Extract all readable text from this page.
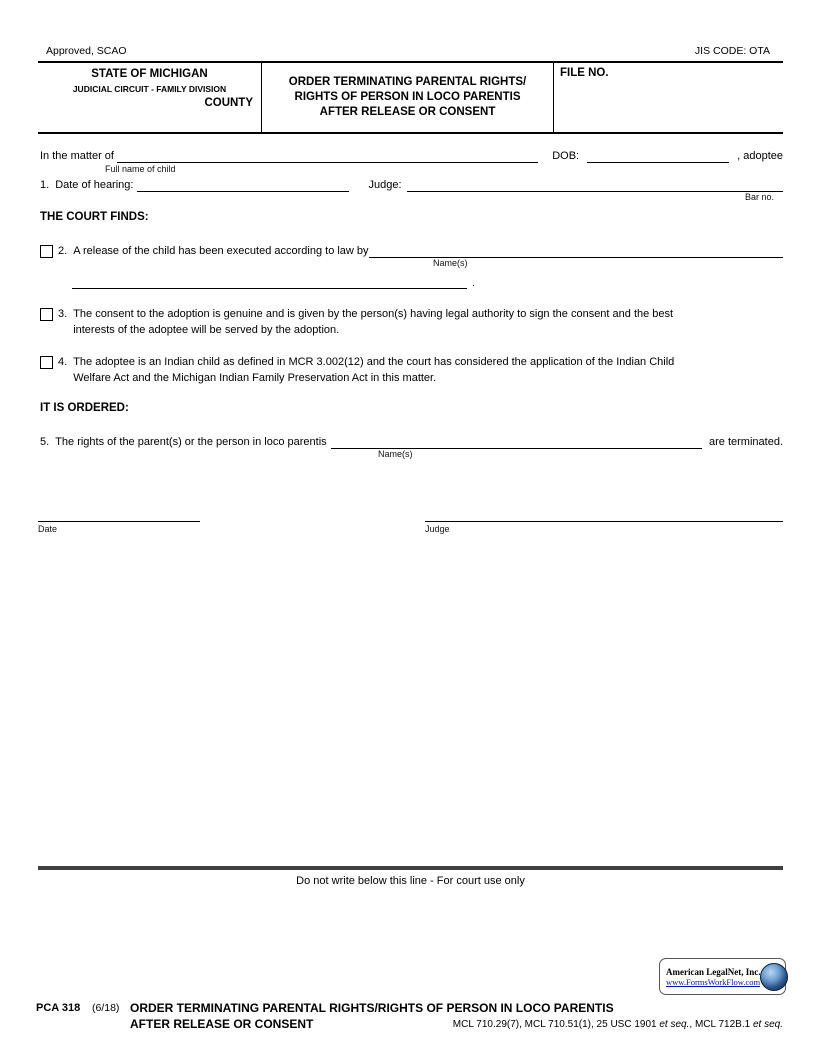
Approved, SCAO	JIS CODE: OTA
STATE OF MICHIGAN
JUDICIAL CIRCUIT - FAMILY DIVISION
COUNTY
ORDER TERMINATING PARENTAL RIGHTS/
RIGHTS OF PERSON IN LOCO PARENTIS
AFTER RELEASE OR CONSENT
FILE NO.
In the matter of	DOB:	, adoptee
Full name of child
1. Date of hearing:	Judge:
Bar no.
THE COURT FINDS:
2. A release of the child has been executed according to law by
Name(s)
.
3. The consent to the adoption is genuine and is given by the person(s) having legal authority to sign the consent and the best
interests of the adoptee will be served by the adoption.
4. The adoptee is an Indian child as defined in MCR 3.002(12) and the court has considered the application of the Indian Child
Welfare Act and the Michigan Indian Family Preservation Act in this matter.
IT IS ORDERED:
5. The rights of the parent(s) or the person in loco parentis	are terminated.
Name(s)
Date	Judge
Do not write below this line - For court use only
American LegalNet, Inc.
www.FormsWorkFlow.com
PCA 318 (6/18) ORDER TERMINATING PARENTAL RIGHTS/RIGHTS OF PERSON IN LOCO PARENTIS
AFTER RELEASE OR CONSENT	MCL 710.29(7), MCL 710.51(1), 25 USC 1901 et seq., MCL 712B.1 et seq.
